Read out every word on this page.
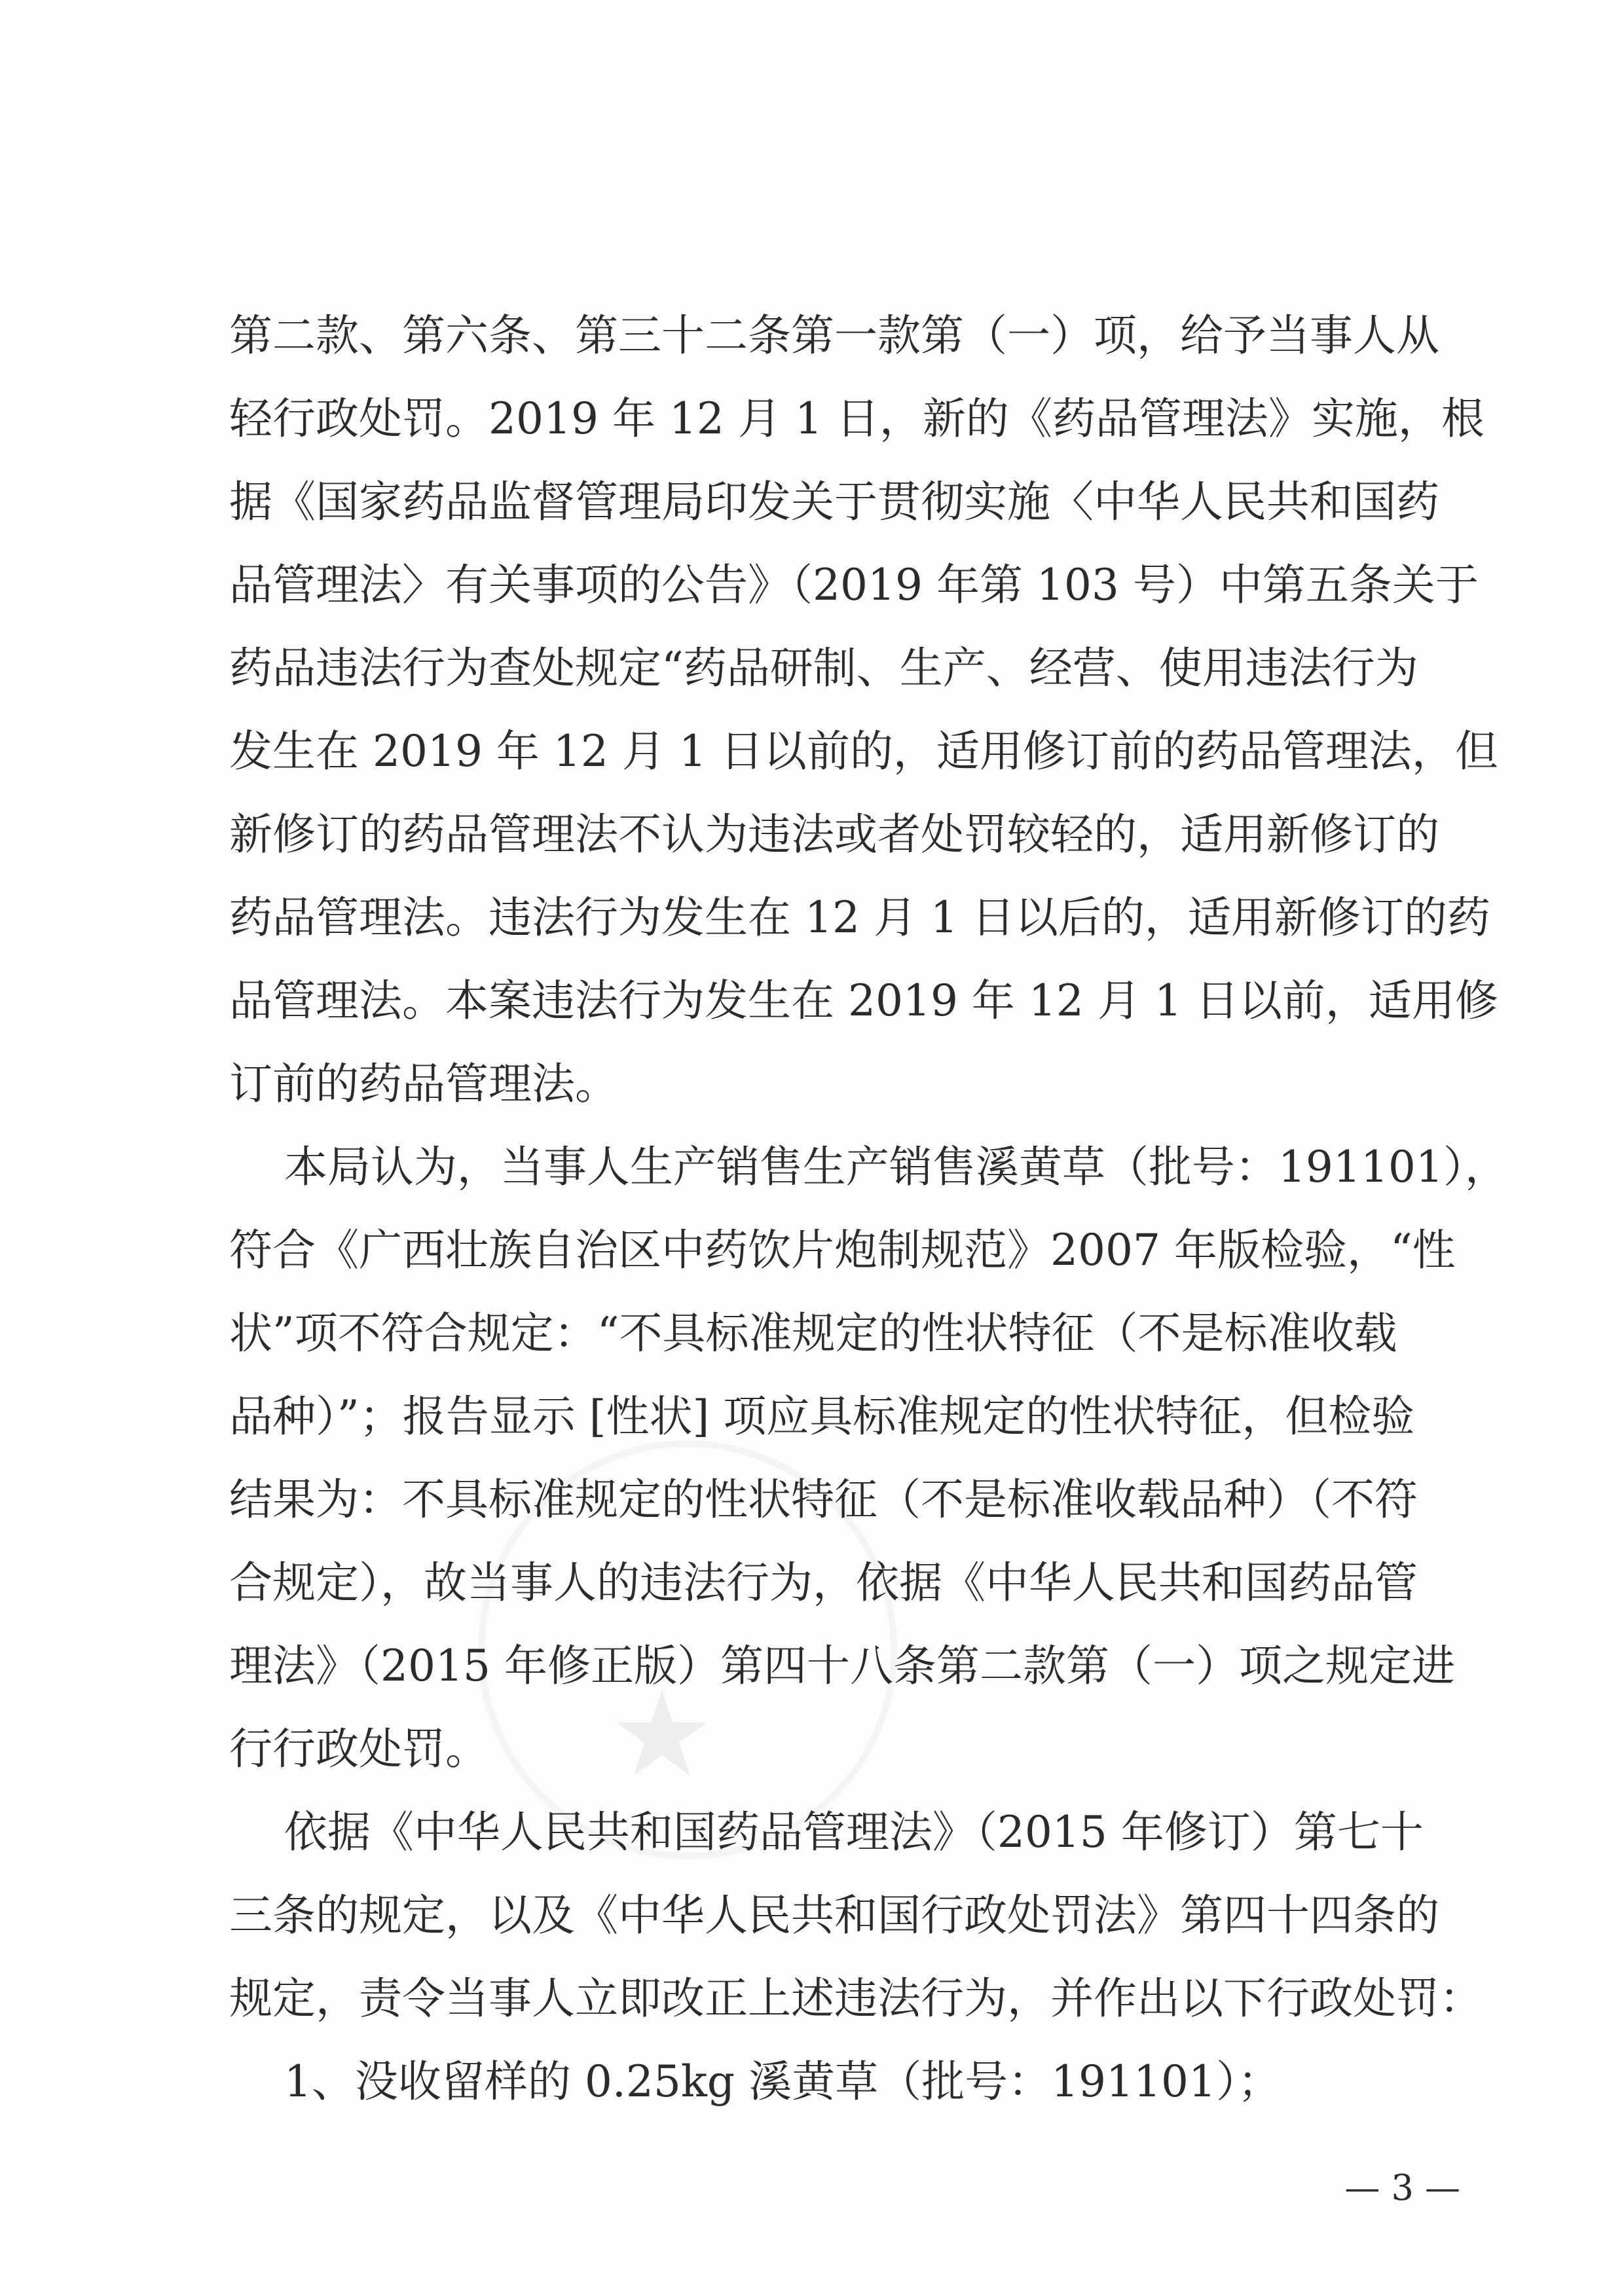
★
第二款、第六条、第三十二条第一款第（一）项，给予当事人从
轻行政处罚。2019 年 12 月 1 日，新的《药品管理法》实施，根
据《国家药品监督管理局印发关于贯彻实施〈中华人民共和国药
品管理法〉有关事项的公告》（2019 年第 103 号）中第五条关于
药品违法行为查处规定“药品研制、生产、经营、使用违法行为
发生在 2019 年 12 月 1 日以前的，适用修订前的药品管理法，但
新修订的药品管理法不认为违法或者处罚较轻的，适用新修订的
药品管理法。违法行为发生在 12 月 1 日以后的，适用新修订的药
品管理法。本案违法行为发生在 2019 年 12 月 1 日以前，适用修
订前的药品管理法。
本局认为，当事人生产销售生产销售溪黄草（批号：191101），
符合《广西壮族自治区中药饮片炮制规范》2007 年版检验，“性
状”项不符合规定：“不具标准规定的性状特征（不是标准收载
品种）”；报告显示 [性状] 项应具标准规定的性状特征，但检验
结果为：不具标准规定的性状特征（不是标准收载品种）（不符
合规定），故当事人的违法行为，依据《中华人民共和国药品管
理法》（2015 年修正版）第四十八条第二款第（一）项之规定进
行行政处罚。
依据《中华人民共和国药品管理法》（2015 年修订）第七十
三条的规定，以及《中华人民共和国行政处罚法》第四十四条的
规定，责令当事人立即改正上述违法行为，并作出以下行政处罚：
1、没收留样的 0.25kg 溪黄草（批号：191101）；
— 3 —
